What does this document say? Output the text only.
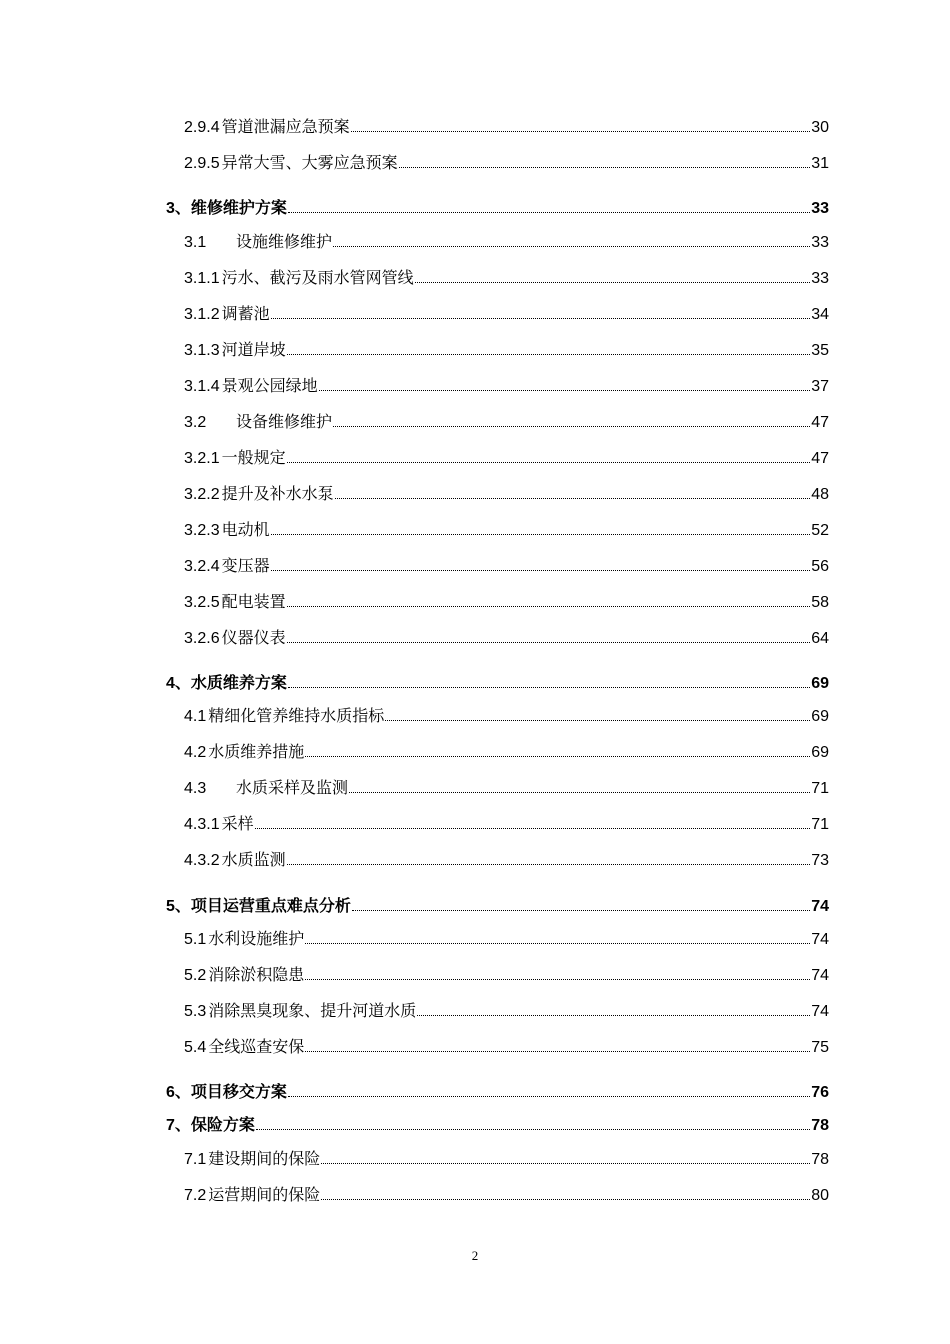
2.9.4 管道泄漏应急预案	30
2.9.5 异常大雪、大雾应急预案	31
3、 维修维护方案	33
3.1	设施维修维护	33
3.1.1 污水、截污及雨水管网管线	33
3.1.2 调蓄池	34
3.1.3 河道岸坡	35
3.1.4 景观公园绿地	37
3.2	设备维修维护	47
3.2.1 一般规定	47
3.2.2 提升及补水水泵	48
3.2.3 电动机	52
3.2.4 变压器	56
3.2.5 配电装置	58
3.2.6 仪器仪表	64
4、 水质维养方案	69
4.1 精细化管养维持水质指标	69
4.2 水质维养措施	69
4.3	水质采样及监测	71
4.3.1 采样	71
4.3.2 水质监测	73
5、 项目运营重点难点分析	74
5.1 水利设施维护	74
5.2 消除淤积隐患	74
5.3 消除黑臭现象、提升河道水质	74
5.4 全线巡查安保	75
6、 项目移交方案	76
7、 保险方案	78
7.1 建设期间的保险	78
7.2 运营期间的保险	80
2
